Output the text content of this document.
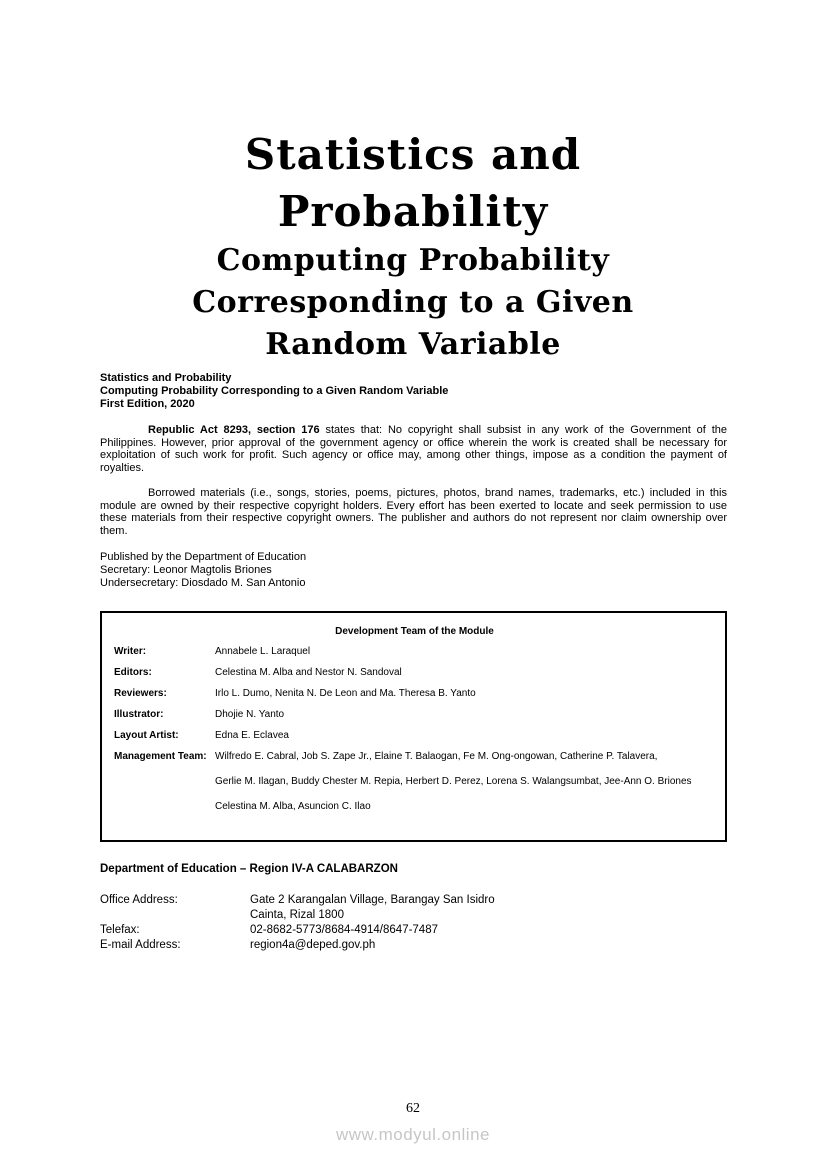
Statistics and
Probability
Computing Probability
Corresponding to a Given
Random Variable
Statistics and Probability
Computing Probability Corresponding to a Given Random Variable
First Edition, 2020

Republic Act 8293, section 176 states that: No copyright shall subsist in any work of the Government of the Philippines. However, prior approval of the government agency or office wherein the work is created shall be necessary for exploitation of such work for profit. Such agency or office may, among other things, impose as a condition the payment of royalties.

Borrowed materials (i.e., songs, stories, poems, pictures, photos, brand names, trademarks, etc.) included in this module are owned by their respective copyright holders. Every effort has been exerted to locate and seek permission to use these materials from their respective copyright owners. The publisher and authors do not represent nor claim ownership over them.

Published by the Department of Education
Secretary: Leonor Magtolis Briones
Undersecretary: Diosdado M. San Antonio
Development Team of the Module
Writer:	Annabele L. Laraquel
Editors:	Celestina M. Alba and Nestor N. Sandoval
Reviewers:	Irlo L. Dumo, Nenita N. De Leon and Ma. Theresa B. Yanto
Illustrator:	Dhojie N. Yanto
Layout Artist:	Edna E. Eclavea
Management Team: Wilfredo E. Cabral, Job S. Zape Jr., Elaine T. Balaogan, Fe M. Ong-ongowan, Catherine P. Talavera,
Gerlie M. Ilagan, Buddy Chester M. Repia, Herbert D. Perez, Lorena S. Walangsumbat, Jee-Ann O. Briones
Celestina M. Alba, Asuncion C. Ilao
Department of Education – Region IV-A CALABARZON
Office Address:	Gate 2 Karangalan Village, Barangay San Isidro
Cainta, Rizal 1800
Telefax:	02-8682-5773/8684-4914/8647-7487
E-mail Address:	region4a@deped.gov.ph
62
www.modyul.online
